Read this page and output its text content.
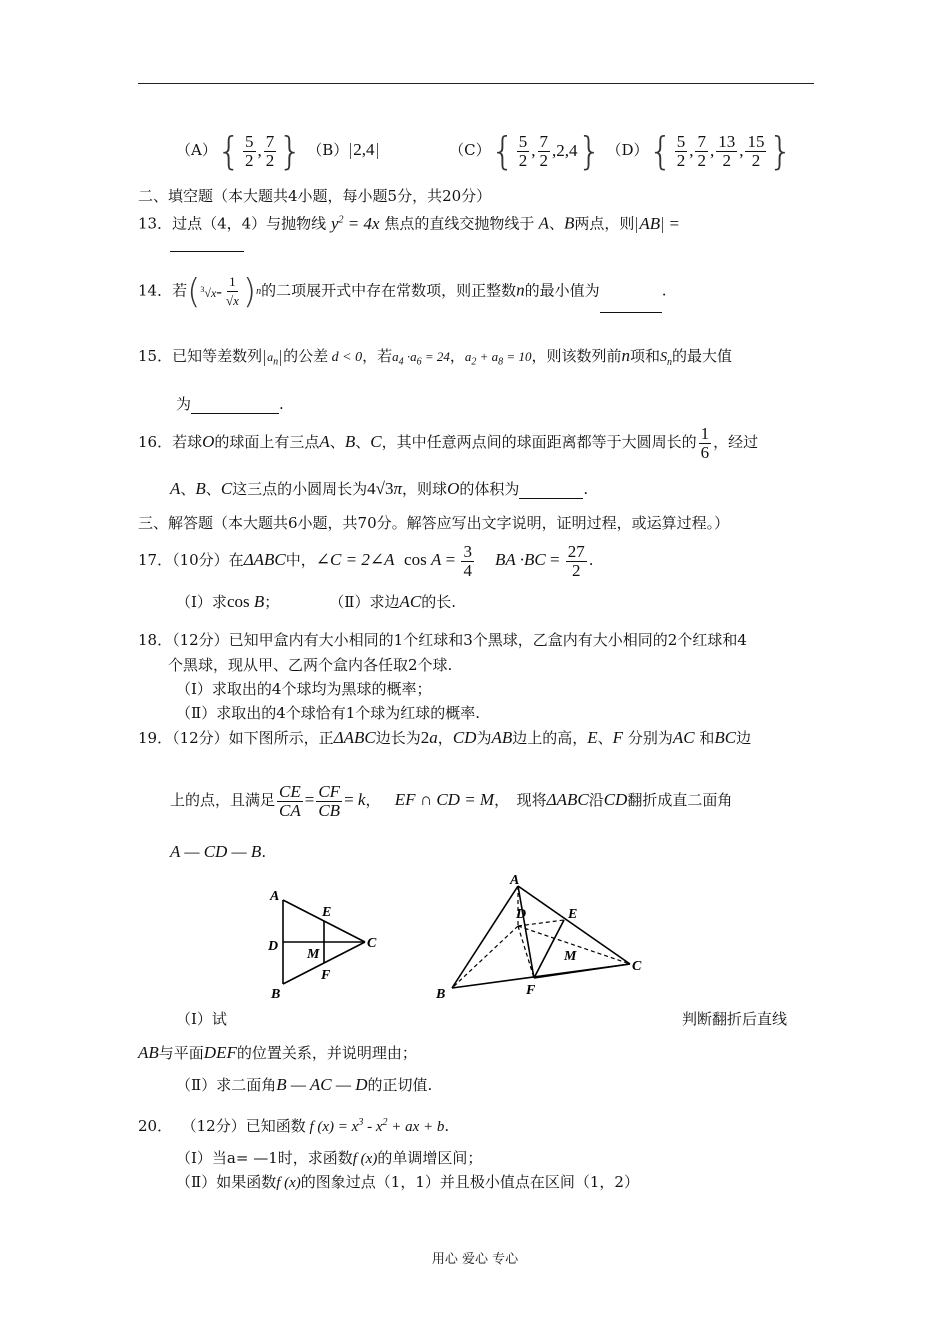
（A） { $\frac{5}{2}$ , $\frac{7}{2}$ } （B） 2,4	（C） { $\frac{5}{2}$ , $\frac{7}{2} ,2,4$ } （D） { $\frac{5}{2}$ , $\frac{7}{2}$ , $\frac{13}{2}$ , $\frac{15}{2}$ }
二、填空题（本大题共4小题，每小题5分，共20分）
13．过点（4，4）与抛物线 $y^2 = 4x$ 焦点的直线交抛物线于 A、B两点，则 AB =
14．若 ( $^3√x - \frac{1}{√x}$ ) n 的二项展开式中存在常数项，则正整数n的最小值为	.
15．已知等差数列 $a_n$ 的公差 d < 0，若$a_4 \cdot a_6 = 24$，$a_2 + a_8 = 10$，则该数列前n项和$S_n$的最大值
为	.
16．若球O的球面上有三点A、B、C，其中任意两点间的球面距离都等于大圆周长的 $\frac{1}{6}$ ，经过
A、B、C这三点的小圆周长为4√3π，则球O的体积为	.
三、解答题（本大题共6小题，共70分。解答应写出文字说明，证明过程，或运算过程。）
17．（10分）在ΔABC中，∠C = 2∠A $\cos A = \frac{3}{4}$ BA $\cdot BC = \frac{27}{2}$ .
（Ⅰ）求cos B；	（Ⅱ）求边AC的长.
18．（12分）已知甲盒内有大小相同的1个红球和3个黑球，乙盒内有大小相同的2个红球和4
个黑球，现从甲、乙两个盒内各任取2个球.
（Ⅰ）求取出的4个球均为黑球的概率；
（Ⅱ）求取出的4个球恰有1个球为红球的概率.
19．（12分）如下图所示，正ΔABC边长为2a，CD为AB边上的高，E、F 分别为AC 和BC边
上的点，且满足 $\frac{CE}{CA} = \frac{CF}{CB} = k$， EF ∩ CD = M，　现将ΔABC沿CD翻折成直二面角
A — CD — B.
A
E
D
M
C
F
B
A
D	E
M
C
F
B
（Ⅰ）试	判断翻折后直线
AB与平面DEF的位置关系，并说明理由；
（Ⅱ）求二面角B — AC — D的正切值.
20． （12分）已知函数 f $(x) = x^3 - x^2$ + ax + b.
（Ⅰ）当a= —1时，求函数f (x)的单调增区间；
（Ⅱ）如果函数f (x)的图象过点（1，1）并且极小值点在区间（1，2）
用心 爱心 专心
